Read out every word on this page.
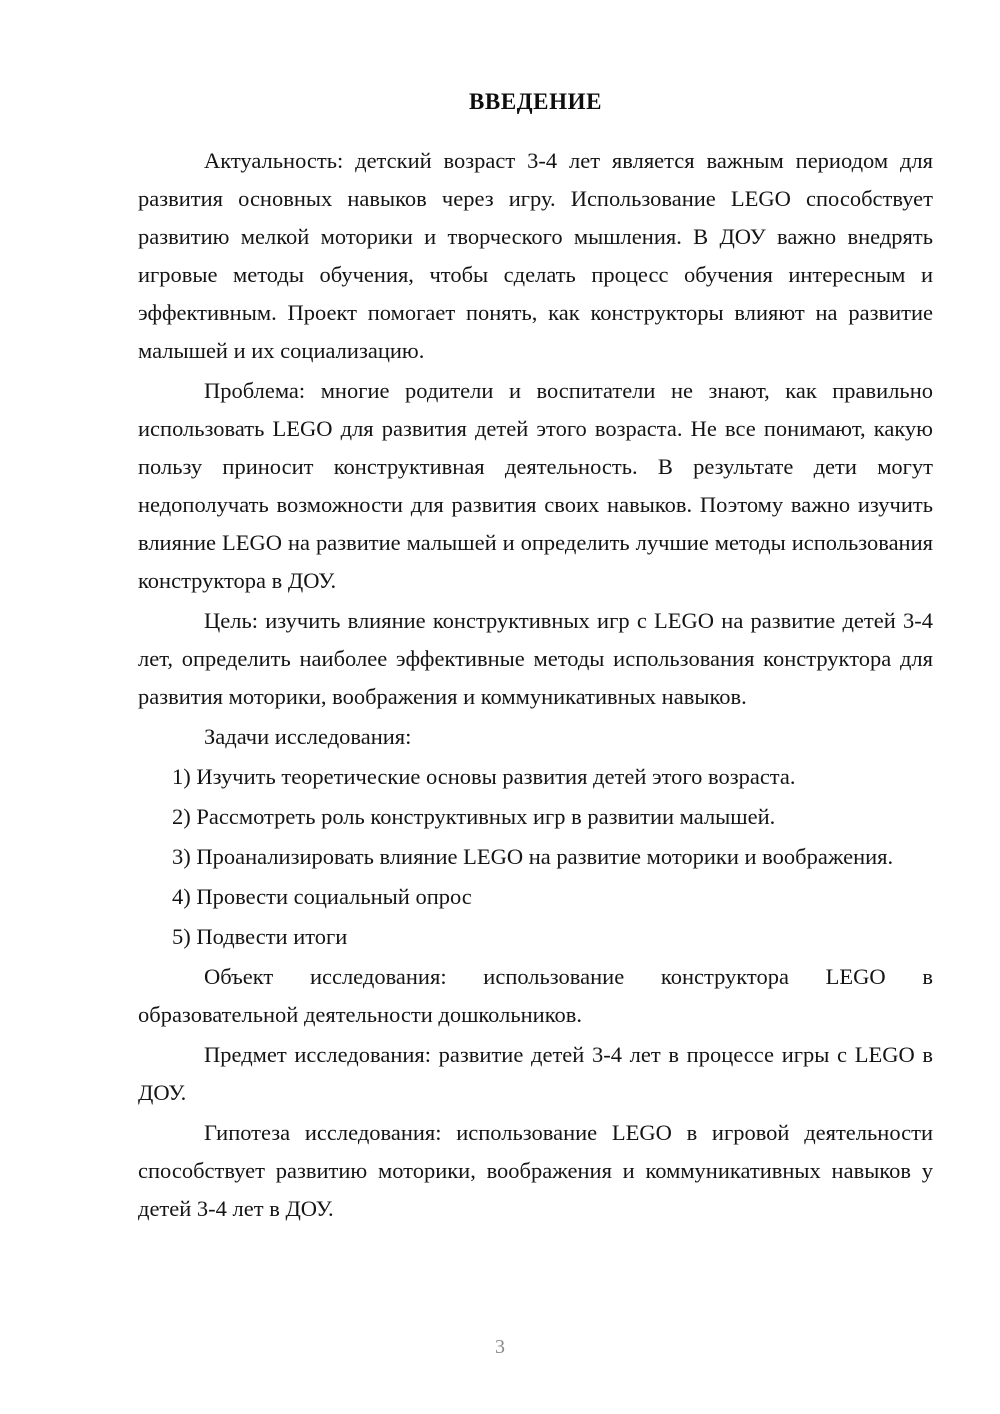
ВВЕДЕНИЕ

Актуальность: детский возраст 3-4 лет является важным периодом для развития основных навыков через игру. Использование LEGO способствует развитию мелкой моторики и творческого мышления. В ДОУ важно внедрять игровые методы обучения, чтобы сделать процесс обучения интересным и эффективным. Проект помогает понять, как конструкторы влияют на развитие малышей и их социализацию.

Проблема: многие родители и воспитатели не знают, как правильно использовать LEGO для развития детей этого возраста. Не все понимают, какую пользу приносит конструктивная деятельность. В результате дети могут недополучать возможности для развития своих навыков. Поэтому важно изучить влияние LEGO на развитие малышей и определить лучшие методы использования конструктора в ДОУ.

Цель: изучить влияние конструктивных игр с LEGO на развитие детей 3-4 лет, определить наиболее эффективные методы использования конструктора для развития моторики, воображения и коммуникативных навыков.

Задачи исследования:

1) Изучить теоретические основы развития детей этого возраста.

2) Рассмотреть роль конструктивных игр в развитии малышей.

3) Проанализировать влияние LEGO на развитие моторики и воображения.

4) Провести социальный опрос

5) Подвести итоги

Объект исследования: использование конструктора LEGO в образовательной деятельности дошкольников.

Предмет исследования: развитие детей 3-4 лет в процессе игры с LEGO в ДОУ.

Гипотеза исследования: использование LEGO в игровой деятельности способствует развитию моторики, воображения и коммуникативных навыков у детей 3-4 лет в ДОУ.

3
